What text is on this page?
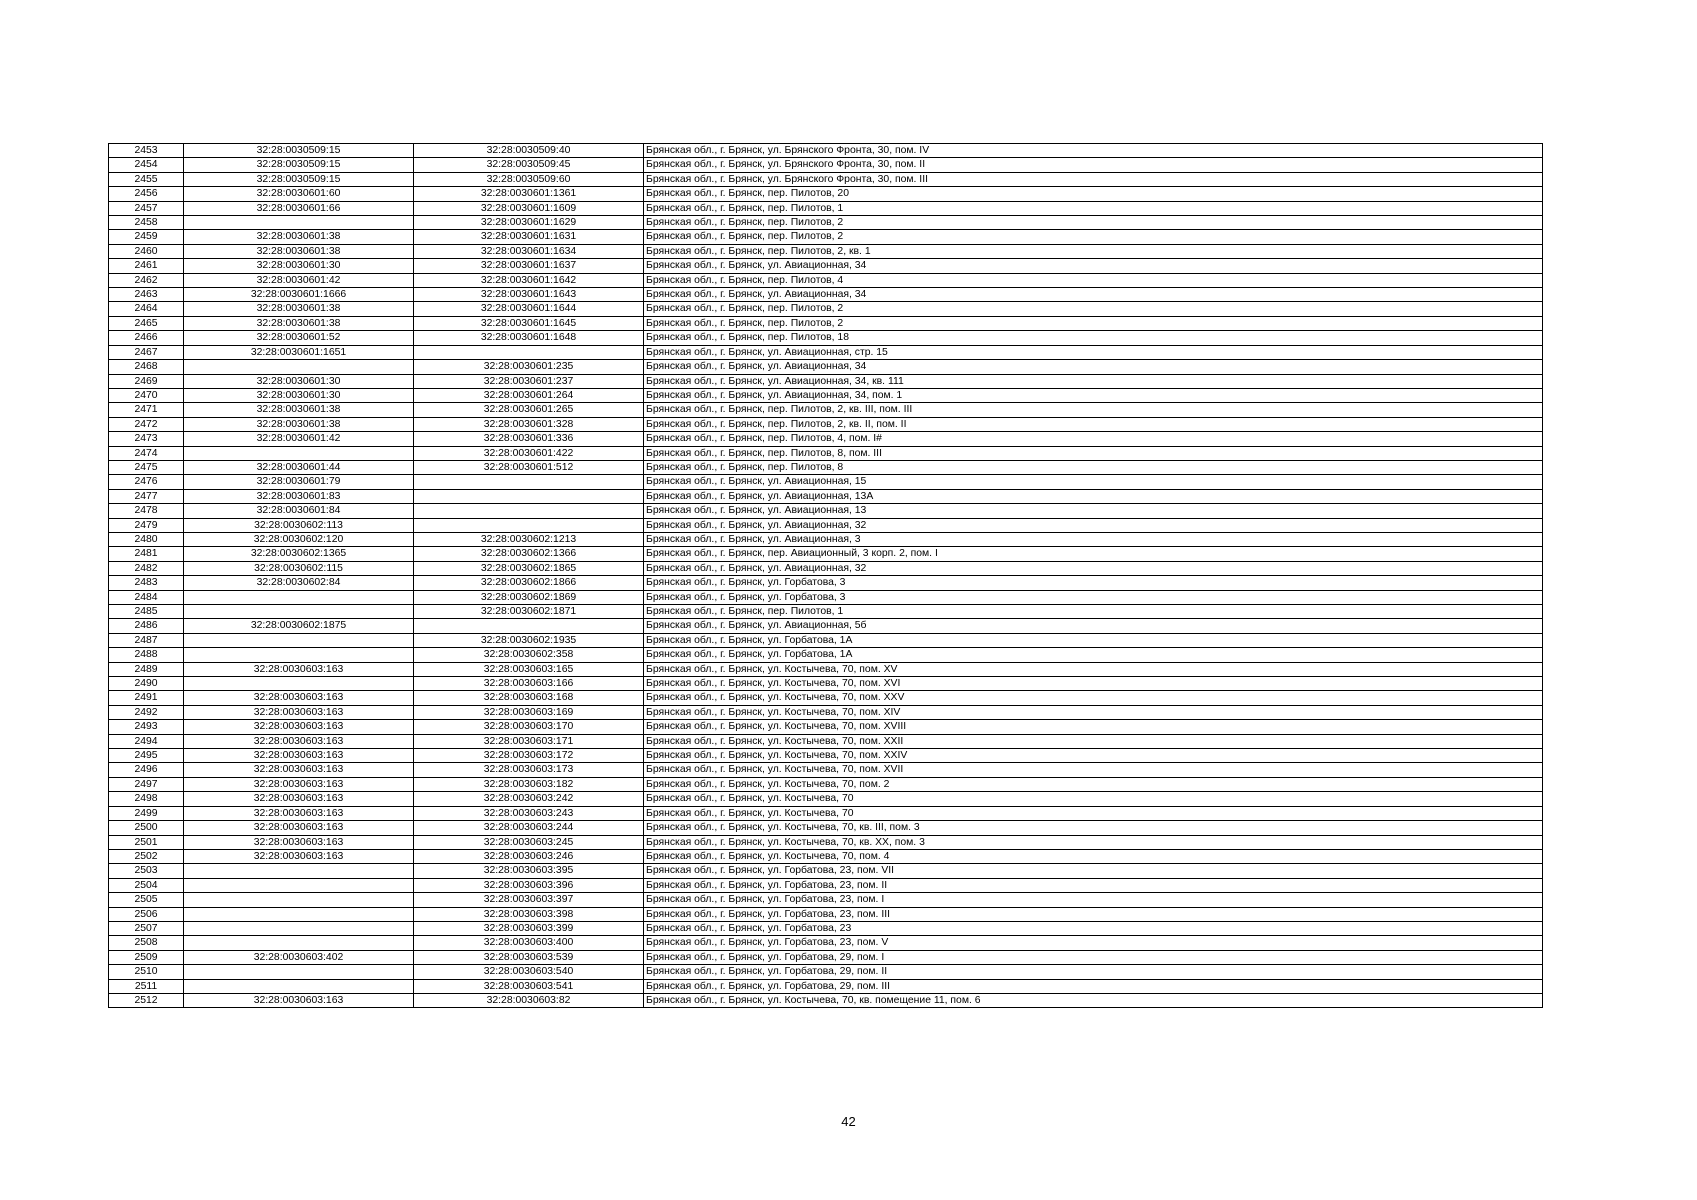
2453	32:28:0030509:15	32:28:0030509:40	Брянская обл., г. Брянск, ул. Брянского Фронта, 30, пом. IV
2454	32:28:0030509:15	32:28:0030509:45	Брянская обл., г. Брянск, ул. Брянского Фронта, 30, пом. II
2455	32:28:0030509:15	32:28:0030509:60	Брянская обл., г. Брянск, ул. Брянского Фронта, 30, пом. III
2456	32:28:0030601:60	32:28:0030601:1361	Брянская обл., г. Брянск, пер. Пилотов, 20
2457	32:28:0030601:66	32:28:0030601:1609	Брянская обл., г. Брянск, пер. Пилотов, 1
2458		32:28:0030601:1629	Брянская обл., г. Брянск, пер. Пилотов, 2
2459	32:28:0030601:38	32:28:0030601:1631	Брянская обл., г. Брянск, пер. Пилотов, 2
2460	32:28:0030601:38	32:28:0030601:1634	Брянская обл., г. Брянск, пер. Пилотов, 2, кв. 1
2461	32:28:0030601:30	32:28:0030601:1637	Брянская обл., г. Брянск, ул. Авиационная, 34
2462	32:28:0030601:42	32:28:0030601:1642	Брянская обл., г. Брянск, пер. Пилотов, 4
2463	32:28:0030601:1666	32:28:0030601:1643	Брянская обл., г. Брянск, ул. Авиационная, 34
2464	32:28:0030601:38	32:28:0030601:1644	Брянская обл., г. Брянск, пер. Пилотов, 2
2465	32:28:0030601:38	32:28:0030601:1645	Брянская обл., г. Брянск, пер. Пилотов, 2
2466	32:28:0030601:52	32:28:0030601:1648	Брянская обл., г. Брянск, пер. Пилотов, 18
2467	32:28:0030601:1651		Брянская обл., г. Брянск, ул. Авиационная, стр. 15
2468		32:28:0030601:235	Брянская обл., г. Брянск, ул. Авиационная, 34
2469	32:28:0030601:30	32:28:0030601:237	Брянская обл., г. Брянск, ул. Авиационная, 34, кв. 111
2470	32:28:0030601:30	32:28:0030601:264	Брянская обл., г. Брянск, ул. Авиационная, 34, пом. 1
2471	32:28:0030601:38	32:28:0030601:265	Брянская обл., г. Брянск, пер. Пилотов, 2, кв. III, пом. III
2472	32:28:0030601:38	32:28:0030601:328	Брянская обл., г. Брянск, пер. Пилотов, 2, кв. II, пом. II
2473	32:28:0030601:42	32:28:0030601:336	Брянская обл., г. Брянск, пер. Пилотов, 4, пом. I#
2474		32:28:0030601:422	Брянская обл., г. Брянск, пер. Пилотов, 8, пом. III
2475	32:28:0030601:44	32:28:0030601:512	Брянская обл., г. Брянск, пер. Пилотов, 8
2476	32:28:0030601:79		Брянская обл., г. Брянск, ул. Авиационная, 15
2477	32:28:0030601:83		Брянская обл., г. Брянск, ул. Авиационная, 13А
2478	32:28:0030601:84		Брянская обл., г. Брянск, ул. Авиационная, 13
2479	32:28:0030602:113		Брянская обл., г. Брянск, ул. Авиационная, 32
2480	32:28:0030602:120	32:28:0030602:1213	Брянская обл., г. Брянск, ул. Авиационная, 3
2481	32:28:0030602:1365	32:28:0030602:1366	Брянская обл., г. Брянск, пер. Авиационный, 3 корп. 2, пом. I
2482	32:28:0030602:115	32:28:0030602:1865	Брянская обл., г. Брянск, ул. Авиационная, 32
2483	32:28:0030602:84	32:28:0030602:1866	Брянская обл., г. Брянск, ул. Горбатова, 3
2484		32:28:0030602:1869	Брянская обл., г. Брянск, ул. Горбатова, 3
2485		32:28:0030602:1871	Брянская обл., г. Брянск, пер. Пилотов, 1
2486	32:28:0030602:1875		Брянская обл., г. Брянск, ул. Авиационная, 5б
2487		32:28:0030602:1935	Брянская обл., г. Брянск, ул. Горбатова, 1А
2488		32:28:0030602:358	Брянская обл., г. Брянск, ул. Горбатова, 1А
2489	32:28:0030603:163	32:28:0030603:165	Брянская обл., г. Брянск, ул. Костычева, 70, пом. XV
2490		32:28:0030603:166	Брянская обл., г. Брянск, ул. Костычева, 70, пом. XVI
2491	32:28:0030603:163	32:28:0030603:168	Брянская обл., г. Брянск, ул. Костычева, 70, пом. XXV
2492	32:28:0030603:163	32:28:0030603:169	Брянская обл., г. Брянск, ул. Костычева, 70, пом. XIV
2493	32:28:0030603:163	32:28:0030603:170	Брянская обл., г. Брянск, ул. Костычева, 70, пом. XVIII
2494	32:28:0030603:163	32:28:0030603:171	Брянская обл., г. Брянск, ул. Костычева, 70, пом. XXII
2495	32:28:0030603:163	32:28:0030603:172	Брянская обл., г. Брянск, ул. Костычева, 70, пом. XXIV
2496	32:28:0030603:163	32:28:0030603:173	Брянская обл., г. Брянск, ул. Костычева, 70, пом. XVII
2497	32:28:0030603:163	32:28:0030603:182	Брянская обл., г. Брянск, ул. Костычева, 70, пом. 2
2498	32:28:0030603:163	32:28:0030603:242	Брянская обл., г. Брянск, ул. Костычева, 70
2499	32:28:0030603:163	32:28:0030603:243	Брянская обл., г. Брянск, ул. Костычева, 70
2500	32:28:0030603:163	32:28:0030603:244	Брянская обл., г. Брянск, ул. Костычева, 70, кв. III, пом. 3
2501	32:28:0030603:163	32:28:0030603:245	Брянская обл., г. Брянск, ул. Костычева, 70, кв. XX, пом. 3
2502	32:28:0030603:163	32:28:0030603:246	Брянская обл., г. Брянск, ул. Костычева, 70, пом. 4
2503		32:28:0030603:395	Брянская обл., г. Брянск, ул. Горбатова, 23, пом. VII
2504		32:28:0030603:396	Брянская обл., г. Брянск, ул. Горбатова, 23, пом. II
2505		32:28:0030603:397	Брянская обл., г. Брянск, ул. Горбатова, 23, пом. I
2506		32:28:0030603:398	Брянская обл., г. Брянск, ул. Горбатова, 23, пом. III
2507		32:28:0030603:399	Брянская обл., г. Брянск, ул. Горбатова, 23
2508		32:28:0030603:400	Брянская обл., г. Брянск, ул. Горбатова, 23, пом. V
2509	32:28:0030603:402	32:28:0030603:539	Брянская обл., г. Брянск, ул. Горбатова, 29, пом. I
2510		32:28:0030603:540	Брянская обл., г. Брянск, ул. Горбатова, 29, пом. II
2511		32:28:0030603:541	Брянская обл., г. Брянск, ул. Горбатова, 29, пом. III
2512	32:28:0030603:163	32:28:0030603:82	Брянская обл., г. Брянск, ул. Костычева, 70, кв. помещение 11, пом. 6
42
